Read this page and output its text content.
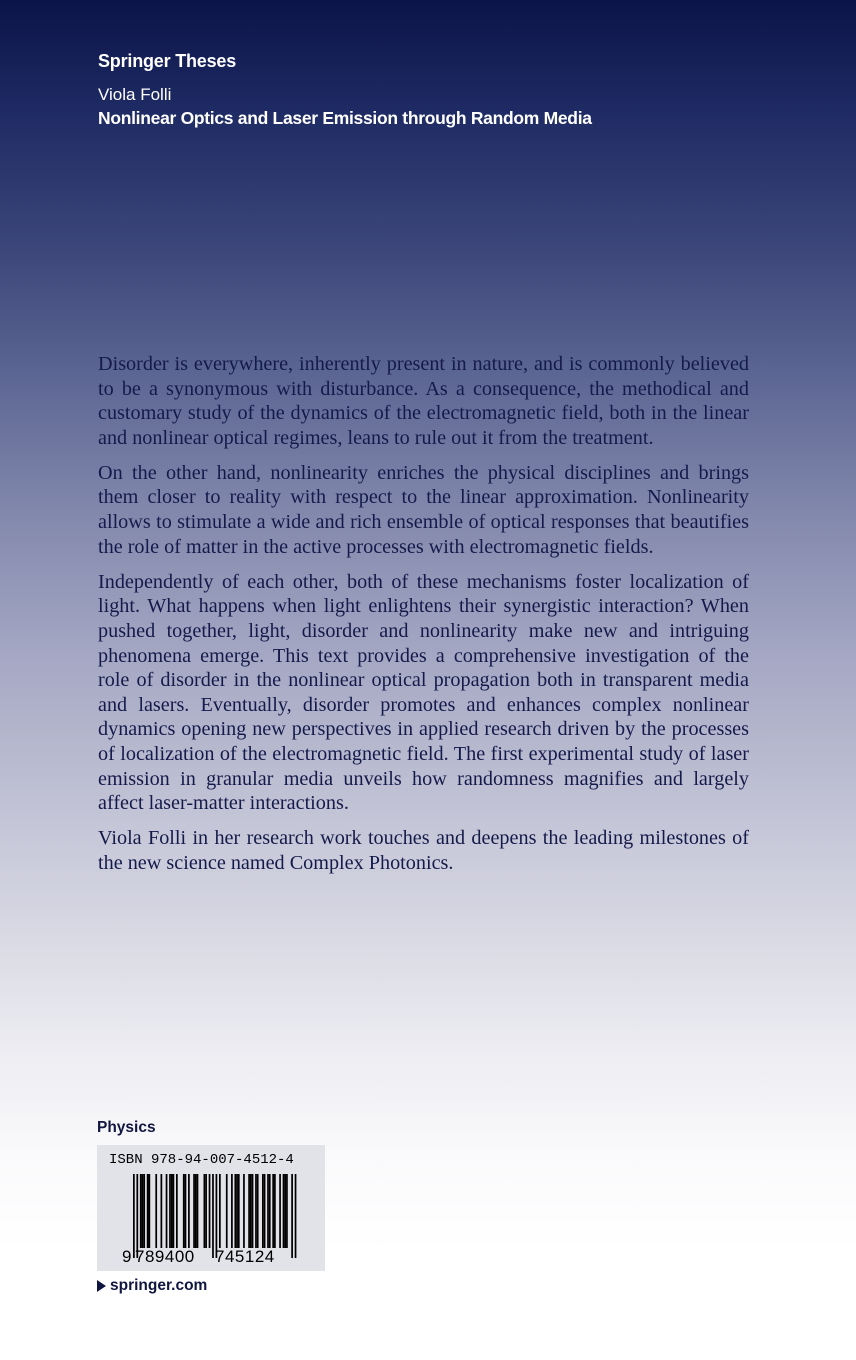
Springer Theses
Viola Folli
Nonlinear Optics and Laser Emission through Random Media

Disorder is everywhere, inherently present in nature, and is commonly believed to be a synonymous with disturbance. As a consequence, the methodical and customary study of the dynamics of the electromagnetic field, both in the linear and nonlinear optical regimes, leans to rule out it from the treatment.

On the other hand, nonlinearity enriches the physical disciplines and brings them closer to reality with respect to the linear approximation. Nonlinearity allows to stimulate a wide and rich ensemble of optical responses that beautifies the role of matter in the active processes with electromagnetic fields.

Independently of each other, both of these mechanisms foster localization of light. What happens when light enlightens their synergistic interaction? When pushed together, light, disorder and nonlinearity make new and intriguing phenomena emerge. This text provides a comprehensive investigation of the role of disorder in the nonlinear optical propagation both in transparent media and lasers. Eventually, disorder promotes and enhances complex nonlinear dynamics opening new perspectives in applied research driven by the processes of localization of the electromagnetic field. The first experimental study of laser emission in granular media unveils how randomness magnifies and largely affect laser-matter interactions.

Viola Folli in her research work touches and deepens the leading milestones of the new science named Complex Photonics.

Physics
ISBN 978-94-007-4512-4
9 789400 745124
springer.com
